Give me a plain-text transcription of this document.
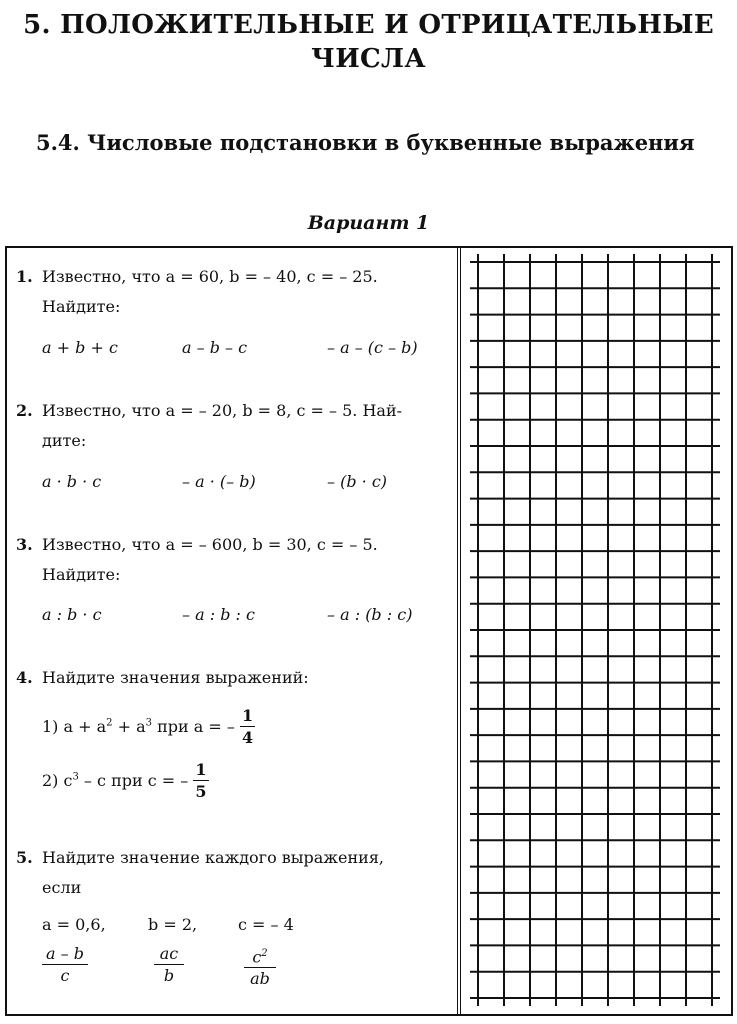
5. ПОЛОЖИТЕЛЬНЫЕ И ОТРИЦАТЕЛЬНЫЕ
ЧИСЛА
5.4. Числовые подстановки в буквенные выражения
Вариант 1
1. Известно, что a = 60, b = – 40, c = – 25.
Найдите:
a + b + c	a – b – c	– a – (c – b)
2. Известно, что a = – 20, b = 8, c = – 5. Най-
дите:
a · b · c	– a · (– b)	– (b · c)
3. Известно, что a = – 600, b = 30, c = – 5.
Найдите:
a : b · c	– a : b : c	– a : (b : c)
4. Найдите значения выражений:
1) $a + a^2 + a^3$ при a = – $\frac{1}{4}$
2) $c^3$ – c при c = – $\frac{1}{5}$
5. Найдите значение каждого выражения,
если
a = 0,6,	b = 2,	c = – 4
$\frac{a - b}{c}$	$\frac{ac}{b}$	$\frac{c^2}{ab}$
